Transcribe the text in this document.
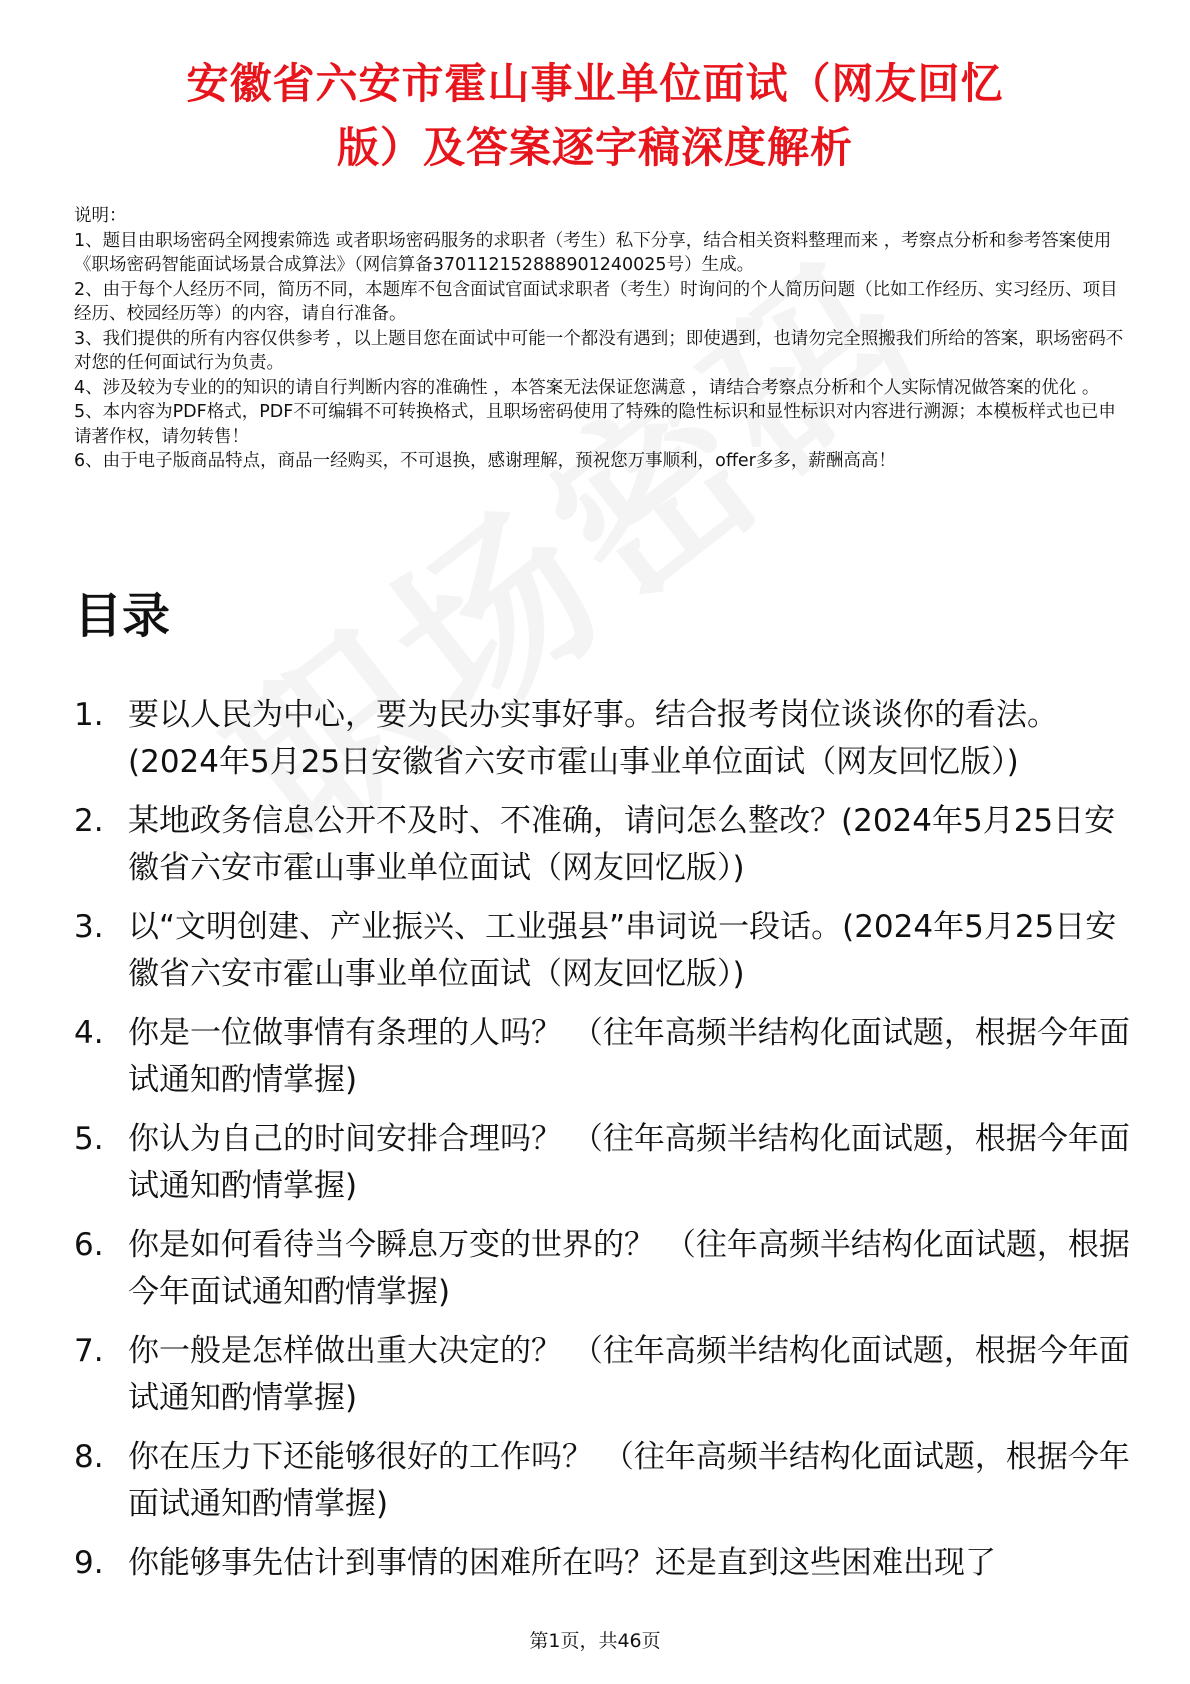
安徽省六安市霍山事业单位面试（网友回忆
版）及答案逐字稿深度解析

说明：

1、题目由职场密码全网搜索筛选 或者职场密码服务的求职者（考生）私下分享，结合相关资料整理而来 ，考察点分析和参考答案使用《职场密码智能面试场景合成算法》（网信算备370112152888901240025号）生成。

2、由于每个人经历不同，简历不同，本题库不包含面试官面试求职者（考生）时询问的个人简历问题（比如工作经历、实习经历、项目经历、校园经历等）的内容，请自行准备。

3、我们提供的所有内容仅供参考 ，以上题目您在面试中可能一个都没有遇到；即使遇到，也请勿完全照搬我们所给的答案，职场密码不对您的任何面试行为负责。

4、涉及较为专业的的知识的请自行判断内容的准确性 ，本答案无法保证您满意 ，请结合考察点分析和个人实际情况做答案的优化 。

5、本内容为PDF格式，PDF不可编辑不可转换格式，且职场密码使用了特殊的隐性标识和显性标识对内容进行溯源；本模板样式也已申请著作权，请勿转售！

6、由于电子版商品特点，商品一经购买，不可退换，感谢理解，预祝您万事顺利，offer多多，薪酬高高！

目录
1. 要以人民为中心，要为民办实事好事。结合报考岗位谈谈你的看法。(2024年5月25日安徽省六安市霍山事业单位面试（网友回忆版）)
2. 某地政务信息公开不及时、不准确，请问怎么整改？(2024年5月25日安徽省六安市霍山事业单位面试（网友回忆版）)
3. 以“文明创建、产业振兴、工业强县”串词说一段话。(2024年5月25日安徽省六安市霍山事业单位面试（网友回忆版）)
4. 你是一位做事情有条理的人吗？ （往年高频半结构化面试题，根据今年面试通知酌情掌握)
5. 你认为自己的时间安排合理吗？ （往年高频半结构化面试题，根据今年面试通知酌情掌握)
6. 你是如何看待当今瞬息万变的世界的？ （往年高频半结构化面试题，根据今年面试通知酌情掌握)
7. 你一般是怎样做出重大决定的？ （往年高频半结构化面试题，根据今年面试通知酌情掌握)
8. 你在压力下还能够很好的工作吗？ （往年高频半结构化面试题，根据今年面试通知酌情掌握)
9. 你能够事先估计到事情的困难所在吗？还是直到这些困难出现了
第1页，共46页
